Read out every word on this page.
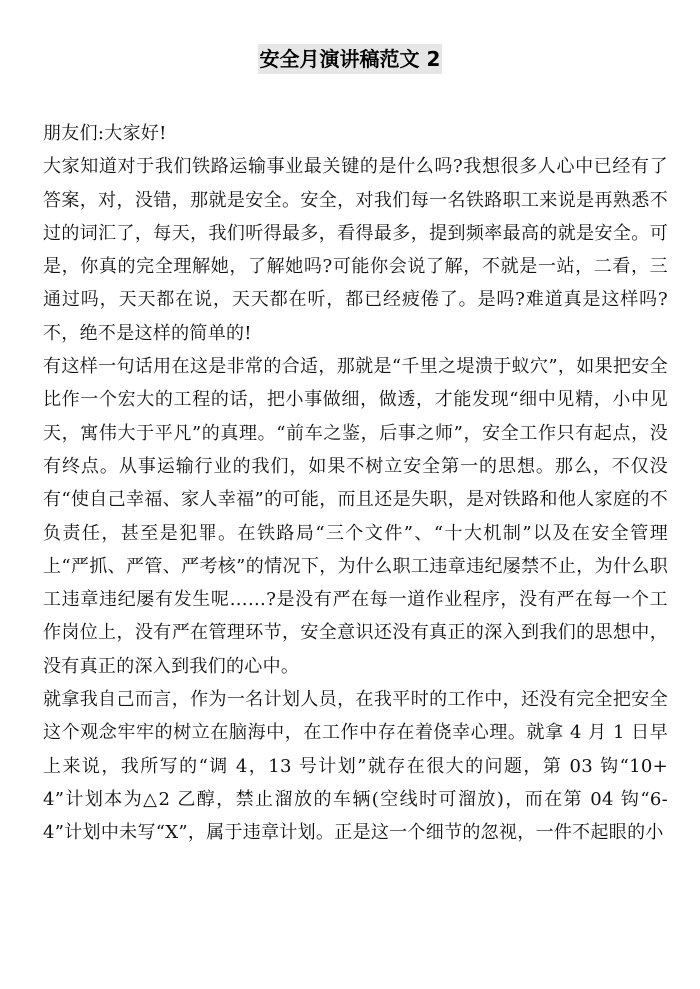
安全月演讲稿范文 2

朋友们:大家好!

大家知道对于我们铁路运输事业最关键的是什么吗?我想很多人心中已经有了答案，对，没错，那就是安全。安全，对我们每一名铁路职工来说是再熟悉不过的词汇了，每天，我们听得最多，看得最多，提到频率最高的就是安全。可是，你真的完全理解她，了解她吗?可能你会说了解，不就是一站，二看，三通过吗，天天都在说，天天都在听，都已经疲倦了。是吗?难道真是这样吗?不，绝不是这样的简单的!

有这样一句话用在这是非常的合适，那就是“千里之堤溃于蚁穴”，如果把安全比作一个宏大的工程的话，把小事做细，做透，才能发现“细中见精，小中见天，寓伟大于平凡”的真理。“前车之鉴，后事之师”，安全工作只有起点，没有终点。从事运输行业的我们，如果不树立安全第一的思想。那么，不仅没有“使自己幸福、家人幸福”的可能，而且还是失职，是对铁路和他人家庭的不负责任，甚至是犯罪。在铁路局“三个文件”、“十大机制”以及在安全管理上“严抓、严管、严考核”的情况下，为什么职工违章违纪屡禁不止，为什么职工违章违纪屡有发生呢……?是没有严在每一道作业程序，没有严在每一个工作岗位上，没有严在管理环节，安全意识还没有真正的深入到我们的思想中，没有真正的深入到我们的心中。

就拿我自己而言，作为一名计划人员，在我平时的工作中，还没有完全把安全这个观念牢牢的树立在脑海中，在工作中存在着侥幸心理。就拿 4 月 1 日早上来说，我所写的“调 4，13 号计划”就存在很大的问题，第 03 钩“10+4”计划本为△2 乙醇，禁止溜放的车辆(空线时可溜放)，而在第 04 钩“6-4”计划中未写“X”，属于违章计划。正是这一个细节的忽视，一件不起眼的小
